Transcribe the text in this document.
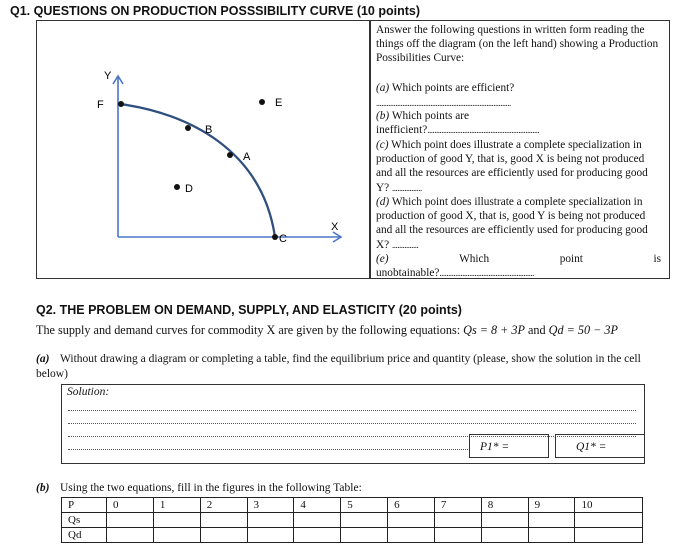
Q1. QUESTIONS ON PRODUCTION POSSSIBILITY CURVE (10 points)
Y
X
F
B
A
C
D
E
Answer the following questions in written form reading the things off the diagram (on the left hand) showing a Production Possibilities Curve:
(a) Which points are efficient?
.............................................................................
(b) Which points are
inefficient?................................................................
(c) Which point does illustrate a complete specialization in production of good Y, that is, good X is being not produced and all the resources are efficiently used for producing good Y? .................
(d) Which point does illustrate a complete specialization in production of good X, that is, good Y is being not produced and all the resources are efficiently used for producing good X? ...............
(e)	Which	point	is
unobtainable?......................................................
Q2. THE PROBLEM ON DEMAND, SUPPLY, AND ELASTICITY (20 points)
The supply and demand curves for commodity X are given by the following equations: Qs = 8 + 3P and Qd = 50 − 3P
(a) Without drawing a diagram or completing a table, find the equilibrium price and quantity (please, show the solution in the cell below)
Solution:
P1* =	Q1* =
(b) Using the two equations, fill in the figures in the following Table:
P	0	1	2	3	4	5	6	7	8	9	10
Qs											
Qd											
